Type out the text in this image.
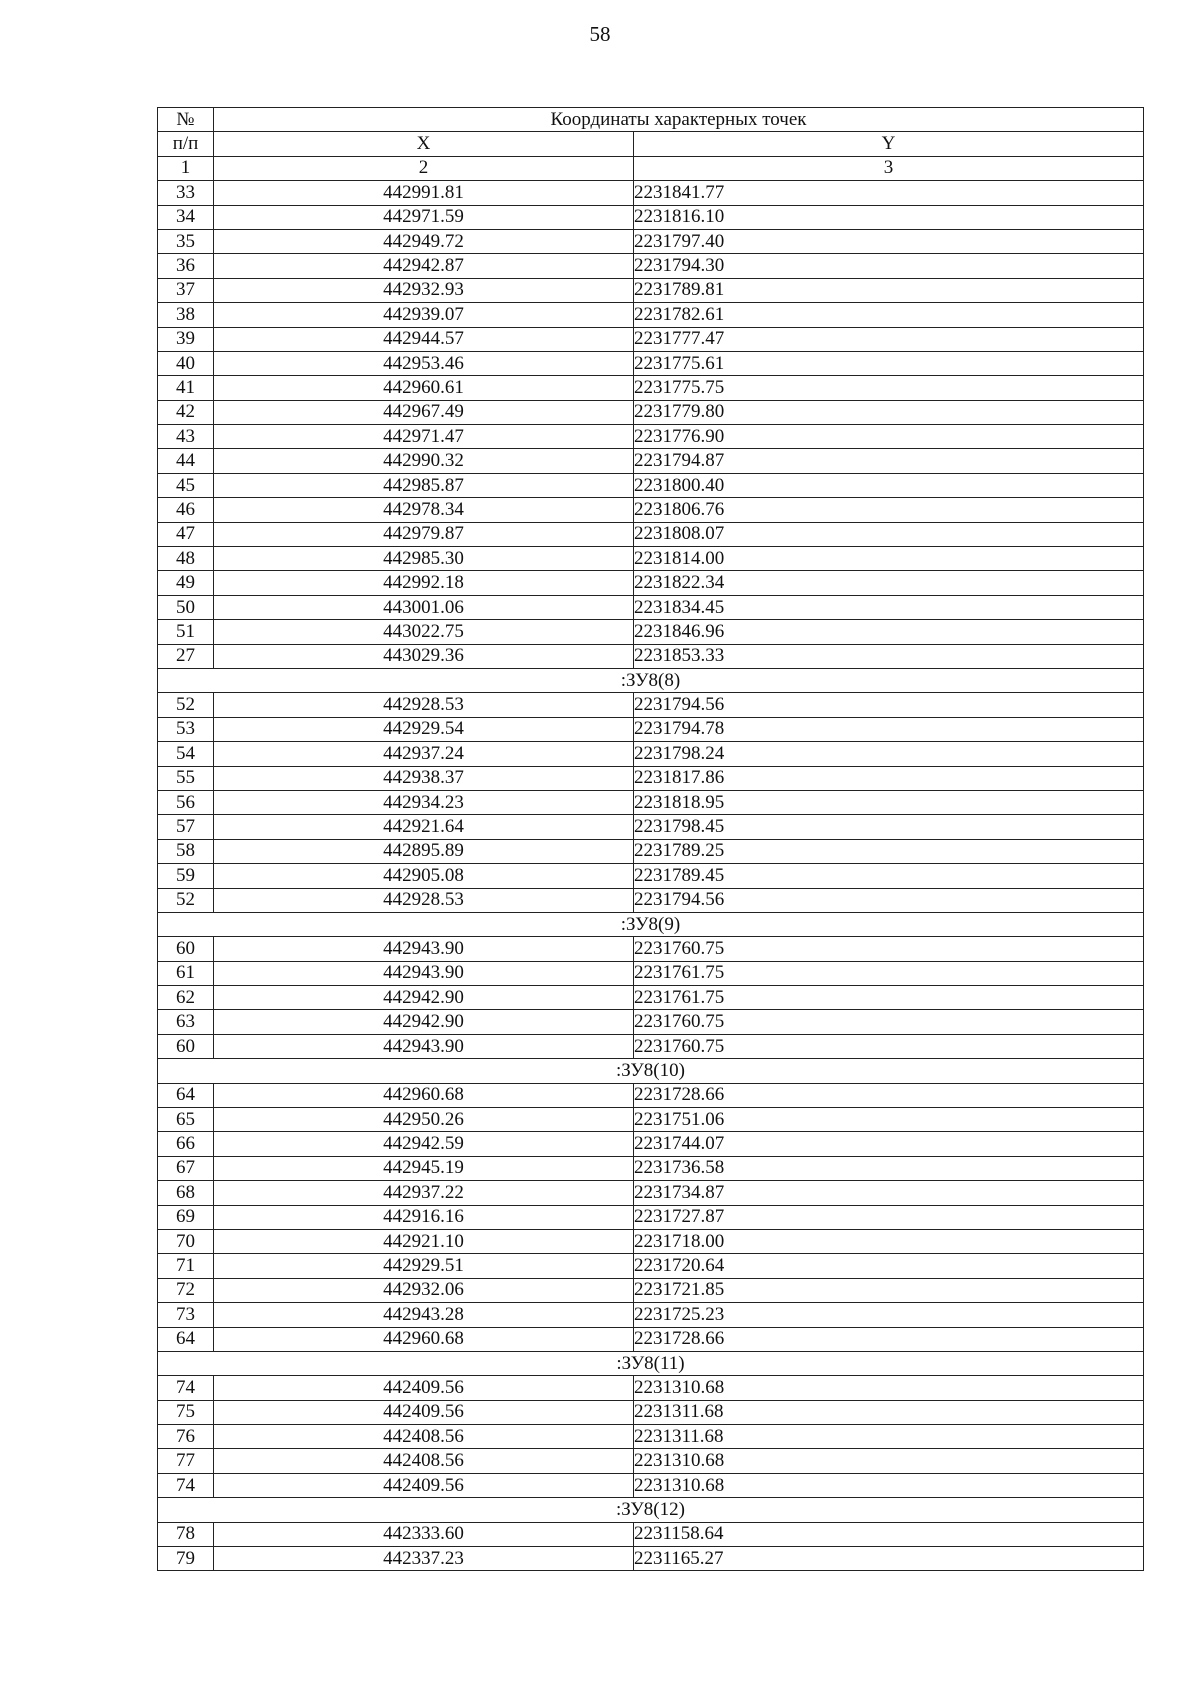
58
№	Координаты характерных точек	
п/п	X	Y
1	2	3
33	442991.81	2231841.77
34	442971.59	2231816.10
35	442949.72	2231797.40
36	442942.87	2231794.30
37	442932.93	2231789.81
38	442939.07	2231782.61
39	442944.57	2231777.47
40	442953.46	2231775.61
41	442960.61	2231775.75
42	442967.49	2231779.80
43	442971.47	2231776.90
44	442990.32	2231794.87
45	442985.87	2231800.40
46	442978.34	2231806.76
47	442979.87	2231808.07
48	442985.30	2231814.00
49	442992.18	2231822.34
50	443001.06	2231834.45
51	443022.75	2231846.96
27	443029.36	2231853.33
:ЗУ8(8)		
52	442928.53	2231794.56
53	442929.54	2231794.78
54	442937.24	2231798.24
55	442938.37	2231817.86
56	442934.23	2231818.95
57	442921.64	2231798.45
58	442895.89	2231789.25
59	442905.08	2231789.45
52	442928.53	2231794.56
:ЗУ8(9)		
60	442943.90	2231760.75
61	442943.90	2231761.75
62	442942.90	2231761.75
63	442942.90	2231760.75
60	442943.90	2231760.75
:ЗУ8(10)		
64	442960.68	2231728.66
65	442950.26	2231751.06
66	442942.59	2231744.07
67	442945.19	2231736.58
68	442937.22	2231734.87
69	442916.16	2231727.87
70	442921.10	2231718.00
71	442929.51	2231720.64
72	442932.06	2231721.85
73	442943.28	2231725.23
64	442960.68	2231728.66
:ЗУ8(11)		
74	442409.56	2231310.68
75	442409.56	2231311.68
76	442408.56	2231311.68
77	442408.56	2231310.68
74	442409.56	2231310.68
:ЗУ8(12)		
78	442333.60	2231158.64
79	442337.23	2231165.27
